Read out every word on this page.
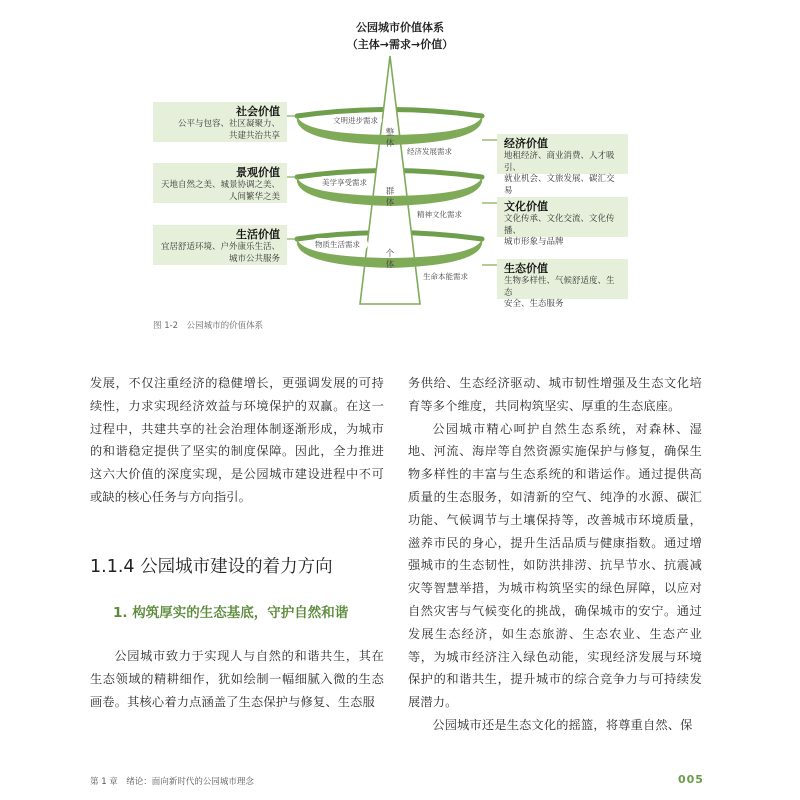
公园城市价值体系
（主体→需求→价值）
文明进步需求
经济发展需求
美学享受需求
精神文化需求
物质生活需求
生命本能需求
整体
群体
个体
社会价值
公平与包容、社区凝聚力、
共建共治共享
景观价值
天地自然之美、城景协调之美、
人间繁华之美
生活价值
宜居舒适环境、户外康乐生活、
城市公共服务
经济价值
地租经济、商业消费、人才吸引、
就业机会、文旅发展、碳汇交易
文化价值
文化传承、文化交流、文化传播、
城市形象与品牌
生态价值
生物多样性、气候舒适度、生态
安全、生态服务
图 1-2　公园城市的价值体系

发展，不仅注重经济的稳健增长，更强调发展的可持续性，力求实现经济效益与环境保护的双赢。在这一过程中，共建共享的社会治理体制逐渐形成，为城市的和谐稳定提供了坚实的制度保障。因此，全力推进这六大价值的深度实现，是公园城市建设进程中不可或缺的核心任务与方向指引。

1.1.4 公园城市建设的着力方向
1. 构筑厚实的生态基底，守护自然和谐

公园城市致力于实现人与自然的和谐共生，其在生态领域的精耕细作，犹如绘制一幅细腻入微的生态画卷。其核心着力点涵盖了生态保护与修复、生态服

务供给、生态经济驱动、城市韧性增强及生态文化培育等多个维度，共同构筑坚实、厚重的生态底座。

公园城市精心呵护自然生态系统，对森林、湿地、河流、海岸等自然资源实施保护与修复，确保生物多样性的丰富与生态系统的和谐运作。通过提供高质量的生态服务，如清新的空气、纯净的水源、碳汇功能、气候调节与土壤保持等，改善城市环境质量，滋养市民的身心，提升生活品质与健康指数。通过增强城市的生态韧性，如防洪排涝、抗旱节水、抗震减灾等智慧举措，为城市构筑坚实的绿色屏障，以应对自然灾害与气候变化的挑战，确保城市的安宁。通过发展生态经济，如生态旅游、生态农业、生态产业等，为城市经济注入绿色动能，实现经济发展与环境保护的和谐共生，提升城市的综合竞争力与可持续发展潜力。

公园城市还是生态文化的摇篮，将尊重自然、保

第 1 章　绪论：面向新时代的公园城市理念	005
